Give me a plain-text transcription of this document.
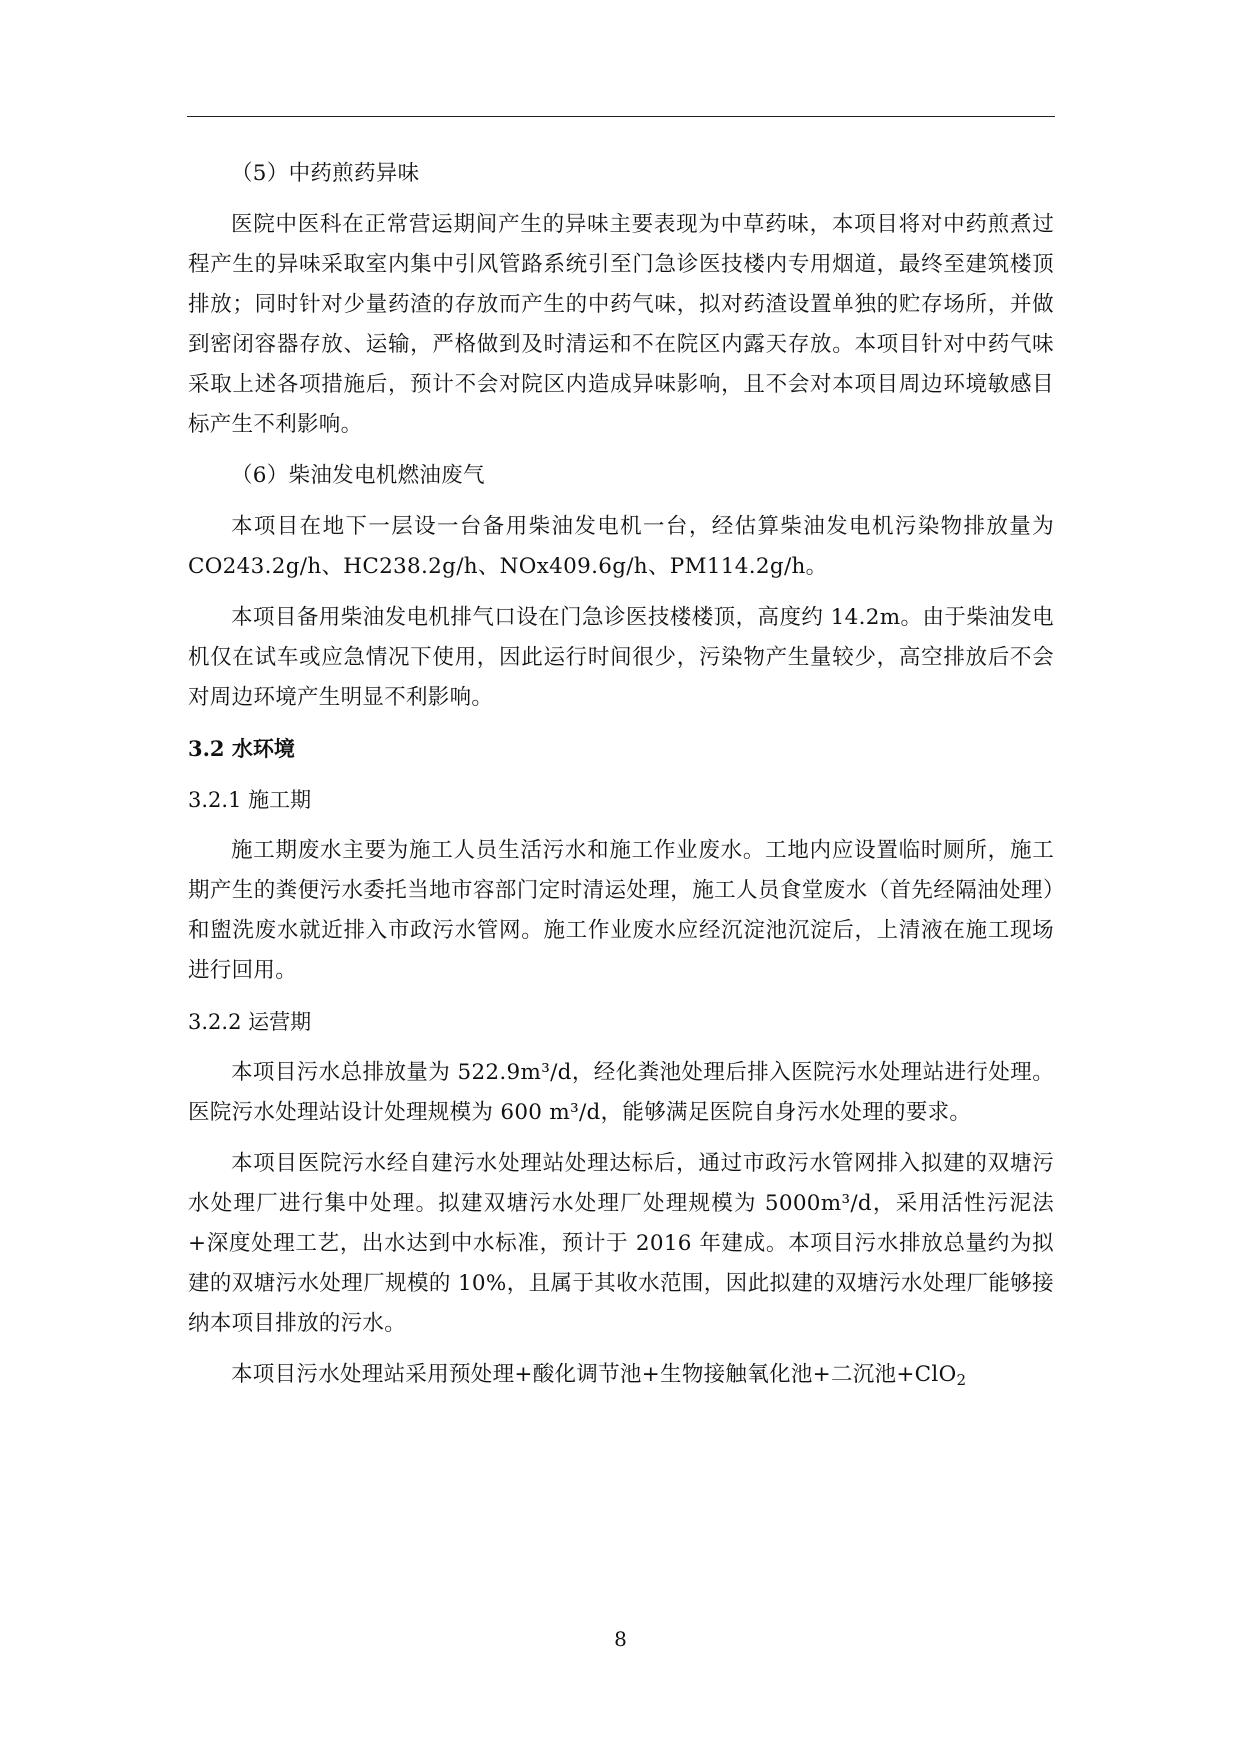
（5）中药煎药异味
医院中医科在正常营运期间产生的异味主要表现为中草药味，本项目将对中药煎煮过程产生的异味采取室内集中引风管路系统引至门急诊医技楼内专用烟道，最终至建筑楼顶排放；同时针对少量药渣的存放而产生的中药气味，拟对药渣设置单独的贮存场所，并做到密闭容器存放、运输，严格做到及时清运和不在院区内露天存放。本项目针对中药气味采取上述各项措施后，预计不会对院区内造成异味影响，且不会对本项目周边环境敏感目标产生不利影响。
（6）柴油发电机燃油废气
本项目在地下一层设一台备用柴油发电机一台，经估算柴油发电机污染物排放量为 CO243.2g/h、HC238.2g/h、NOx409.6g/h、PM114.2g/h。
本项目备用柴油发电机排气口设在门急诊医技楼楼顶，高度约 14.2m。由于柴油发电机仅在试车或应急情况下使用，因此运行时间很少，污染物产生量较少，高空排放后不会对周边环境产生明显不利影响。
3.2 水环境
3.2.1 施工期
施工期废水主要为施工人员生活污水和施工作业废水。工地内应设置临时厕所，施工期产生的粪便污水委托当地市容部门定时清运处理，施工人员食堂废水（首先经隔油处理）和盥洗废水就近排入市政污水管网。施工作业废水应经沉淀池沉淀后，上清液在施工现场进行回用。
3.2.2 运营期
本项目污水总排放量为 522.9m³/d，经化粪池处理后排入医院污水处理站进行处理。医院污水处理站设计处理规模为 600 m³/d，能够满足医院自身污水处理的要求。
本项目医院污水经自建污水处理站处理达标后，通过市政污水管网排入拟建的双塘污水处理厂进行集中处理。拟建双塘污水处理厂处理规模为 5000m³/d，采用活性污泥法+深度处理工艺，出水达到中水标准，预计于 2016 年建成。本项目污水排放总量约为拟建的双塘污水处理厂规模的 10%，且属于其收水范围，因此拟建的双塘污水处理厂能够接纳本项目排放的污水。
本项目污水处理站采用预处理+酸化调节池+生物接触氧化池+二沉池+ClO$_2$
8
